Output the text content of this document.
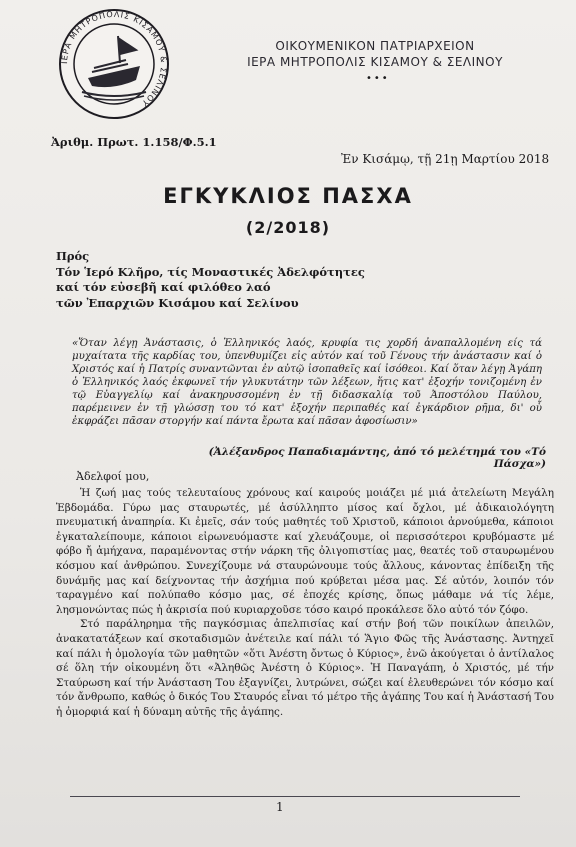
ΙΕΡΑ ΜΗΤΡΟΠΟΛΙΣ ΚΙΣΑΜΟΥ & ΣΕΛΙΝΟΥ
ΟΙΚΟΥΜΕΝΙΚΟΝ ΠΑΤΡΙΑΡΧΕΙΟΝ
ΙΕΡΑ ΜΗΤΡΟΠΟΛΙΣ ΚΙΣΑΜΟΥ & ΣΕΛΙΝΟΥ
•••
Ἀριθμ. Πρωτ. 1.158/Φ.5.1
Ἐν Κισάμῳ, τῇ 21ῃ Μαρτίου 2018
ΕΓΚΥΚΛΙΟΣ ΠΑΣΧΑ
(2/2018)
Πρός
Τόν Ἱερό Κλῆρο, τίς Μοναστικές Ἀδελφότητες
καί τόν εὐσεβῆ καί φιλόθεο λαό
τῶν Ἐπαρχιῶν Κισάμου καί Σελίνου
«Ὅταν λέγῃ Ἀνάστασις, ὁ Ἑλληνικός λαός, κρυφία τις χορδή ἀναπαλλομένη είς τά μυχαίτατα τῆς καρδίας του, ὑπενθυμίζει εἰς αὐτόν καί τοῦ Γένους τήν ἀνάστασιν καί ὁ Χριστός καί ἡ Πατρίς συναντῶνται ἐν αὐτῷ ἰσοπαθεῖς καί ἰσόθεοι. Καί ὅταν λέγῃ Ἀγάπη ὁ Ἑλληνικός λαός ἐκφωνεῖ τήν γλυκυτάτην τῶν λέξεων, ἥτις κατ' ἐξοχήν τονιζομένη ἐν τῷ Εὐαγγελίῳ καί ἀνακηρυσσομένη ἐν τῇ διδασκαλίᾳ τοῦ Ἀποστόλου Παύλου, παρέμεινεν ἐν τῇ γλώσσῃ του τό κατ' ἐξοχήν περιπαθές καί ἐγκάρδιον ρῆμα, δι' οὗ ἐκφράζει πᾶσαν στοργήν καί πάντα ἔρωτα καί πᾶσαν ἀφοσίωσιν»
(Ἀλέξανδρος Παπαδιαμάντης, ἀπό τό μελέτημά του «Τό Πάσχα»)
Ἀδελφοί μου,

Ἡ ζωή μας τούς τελευταίους χρόνους καί καιρούς μοιάζει μέ μιά ἀτελείωτη Μεγάλη Ἑβδομάδα. Γύρω μας σταυρωτές, μέ ἀσύλληπτο μίσος καί ὄχλοι, μέ ἀδικαιολόγητη πνευματική ἀναπηρία. Κι ἐμεῖς, σάν τούς μαθητές τοῦ Χριστοῦ, κάποιοι ἀρνούμεθα, κάποιοι ἐγκαταλείπουμε, κάποιοι εἰρωνευόμαστε καί χλευάζουμε, οἱ περισσότεροι κρυβόμαστε μέ φόβο ἤ ἀμήχανα, παραμένοντας στήν νάρκη τῆς ὀλιγοπιστίας μας, θεατές τοῦ σταυρωμένου κόσμου καί ἀνθρώπου. Συνεχίζουμε νά σταυρώνουμε τούς ἄλλους, κάνοντας ἐπίδειξη τῆς δυνάμῆς μας καί δείχνοντας τήν ἀσχήμια πού κρύβεται μέσα μας. Σέ αὐτόν, λοιπόν τόν ταραγμένο καί πολύπαθο κόσμο μας, σέ ἐποχές κρίσης, ὅπως μάθαμε νά τίς λέμε, λησμονώντας πώς ἡ ἀκρισία πού κυριαρχοῦσε τόσο καιρό προκάλεσε ὅλο αὐτό τόν ζόφο.

Στό παράληρημα τῆς παγκόσμιας ἀπελπισίας καί στήν βοή τῶν ποικίλων ἀπειλῶν, ἀνακατατάξεων καί σκοταδισμῶν ἀνέτειλε καί πάλι τό Ἅγιο Φῶς τῆς Ἀνάστασης. Ἀντηχεῖ καί πάλι ἡ ὁμολογία τῶν μαθητῶν «ὅτι Ἀνέστη ὄντως ὁ Κύριος», ἐνῶ ἀκούγεται ὁ ἀντίλαλος σέ ὅλη τήν οἰκουμένη ὅτι «Ἀληθῶς Ἀνέστη ὁ Κύριος». Ἡ Παναγάπη, ὁ Χριστός, μέ τήν Σταύρωση καί τήν Ἀνάσταση Του ἐξαγνίζει, λυτρώνει, σώζει καί ἐλευθερώνει τόν κόσμο καί τόν ἄνθρωπο, καθώς ὁ δικός Του Σταυρός εἶναι τό μέτρο τῆς ἀγάπης Του καί ἡ Ἀνάστασή Του ἡ ὀμορφιά καί ἡ δύναμη αὐτῆς τῆς ἀγάπης.

1
